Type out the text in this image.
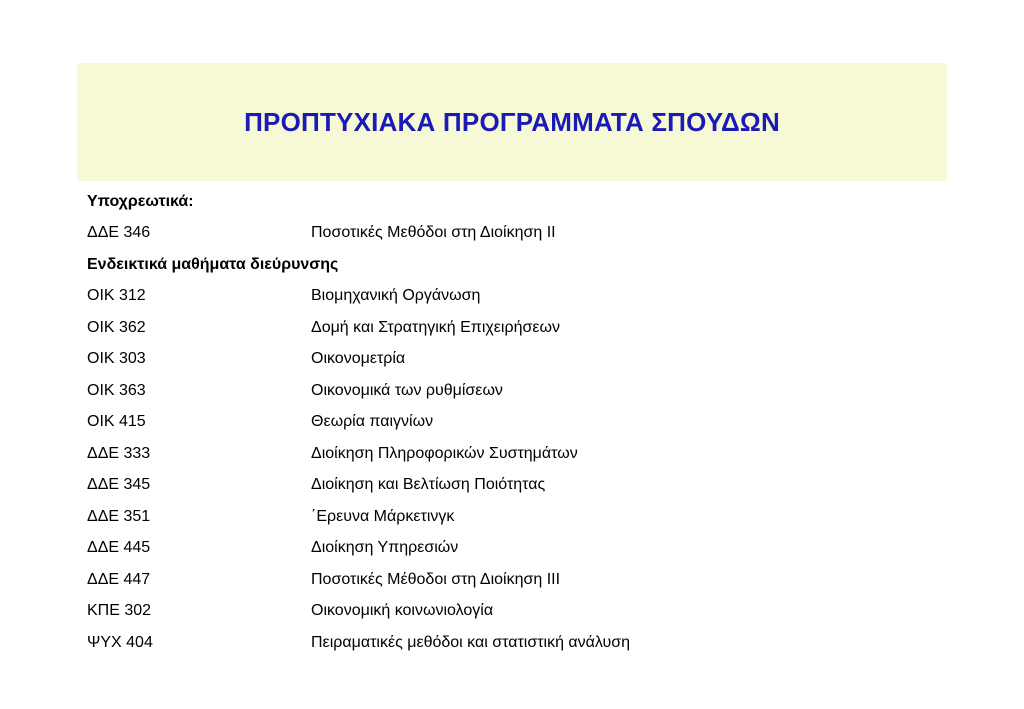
ΠΡΟΠΤΥΧΙΑΚΑ ΠΡΟΓΡΑΜΜΑΤΑ ΣΠΟΥΔΩΝ
Υποχρεωτικά:
ΔΔΕ 346	Ποσοτικές Μεθόδοι στη Διοίκηση ΙΙ
Ενδεικτικά μαθήματα διεύρυνσης
ΟΙΚ 312	Βιομηχανική Οργάνωση
ΟΙΚ 362	Δομή και Στρατηγική Επιχειρήσεων
ΟΙΚ 303	Οικονομετρία
ΟΙΚ 363	Οικονομικά των ρυθμίσεων
ΟΙΚ 415	Θεωρία παιγνίων
ΔΔΕ 333	Διοίκηση Πληροφορικών Συστημάτων
ΔΔΕ 345	Διοίκηση και Βελτίωση Ποιότητας
ΔΔΕ 351	΄Ερευνα Μάρκετινγκ
ΔΔΕ 445	Διοίκηση Υπηρεσιών
ΔΔΕ 447	Ποσοτικές Μέθοδοι στη Διοίκηση ΙΙΙ
ΚΠΕ 302	Οικονομική κοινωνιολογία
ΨΥΧ 404	Πειραματικές μεθόδοι και στατιστική ανάλυση
